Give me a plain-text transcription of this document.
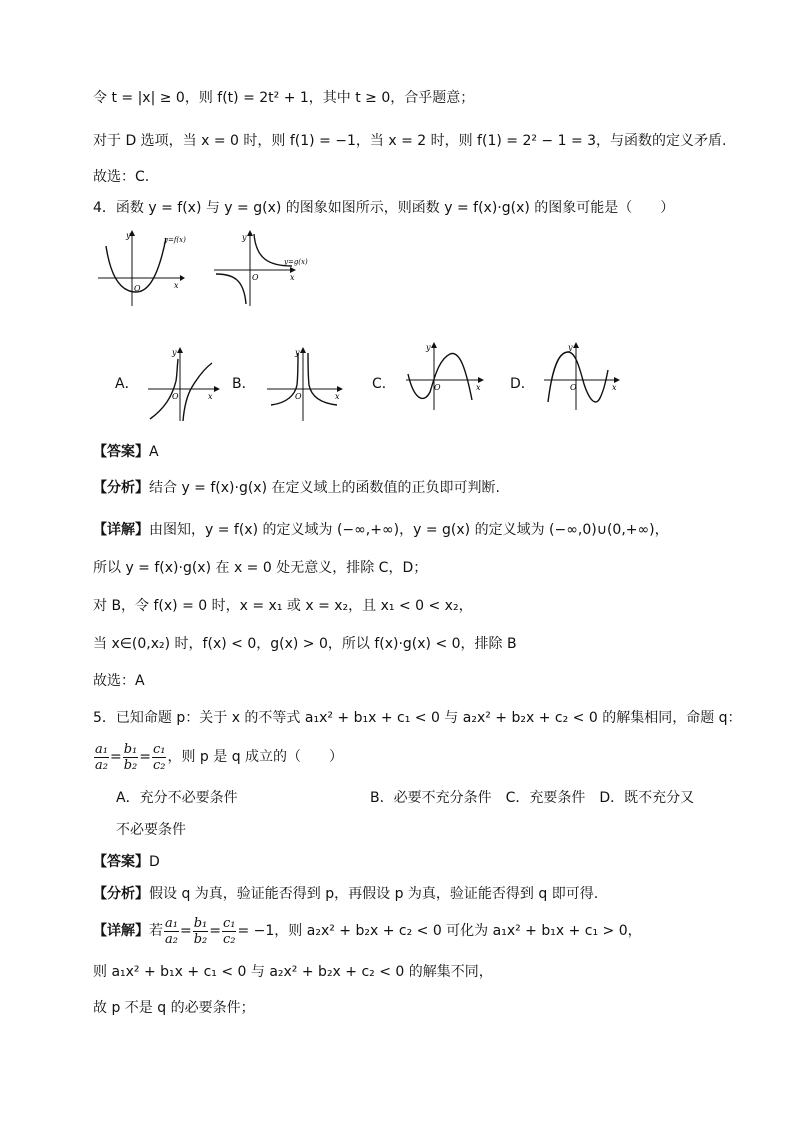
令 t = |x| ≥ 0，则 f(t) = 2t² + 1，其中 t ≥ 0，合乎题意；
对于 D 选项，当 x = 0 时，则 f(1) = −1，当 x = 2 时，则 f(1) = 2² − 1 = 3，与函数的定义矛盾.
故选：C.
4．函数 y = f(x) 与 y = g(x) 的图象如图所示，则函数 y = f(x)·g(x) 的图象可能是（　　）
O	x
y	y=f(x)
O	x
y
y=g(x)
A．
O	x
y
B．
O	x
y
C．	O	x
y
D．	O	x
y
【答案】A
【分析】结合 y = f(x)·g(x) 在定义域上的函数值的正负即可判断.
【详解】由图知，y = f(x) 的定义域为 (−∞,+∞)，y = g(x) 的定义域为 (−∞,0)∪(0,+∞)，
所以 y = f(x)·g(x) 在 x = 0 处无意义，排除 C，D；
对 B，令 f(x) = 0 时，x = x₁ 或 x = x₂，且 x₁ < 0 < x₂，
当 x∈(0,x₂) 时，f(x) < 0，g(x) > 0，所以 f(x)·g(x) < 0，排除 B
故选：A
5．已知命题 p：关于 x 的不等式 a₁x² + b₁x + c₁ < 0 与 a₂x² + b₂x + c₂ < 0 的解集相同，命题 q：
$\frac{\text{a₁}}{\text{a₂}} = \frac{\text{b₁}}{\text{b₂}} = \frac{\text{c₁}}{\text{c₂}}$ ，则 p 是 q 成立的（　　）
A．充分不必要条件	B．必要不充分条件　C．充要条件　D．既不充分又
不必要条件
【答案】D
【分析】假设 q 为真，验证能否得到 p，再假设 p 为真，验证能否得到 q 即可得.
【详解】若 $\frac{\text{a₁}}{\text{a₂}} = \frac{\text{b₁}}{\text{b₂}} = \frac{\text{c₁}}{\text{c₂}} = -1$，则 a₂x² + b₂x + c₂ < 0 可化为 a₁x² + b₁x + c₁ > 0，
则 a₁x² + b₁x + c₁ < 0 与 a₂x² + b₂x + c₂ < 0 的解集不同，
故 p 不是 q 的必要条件；
